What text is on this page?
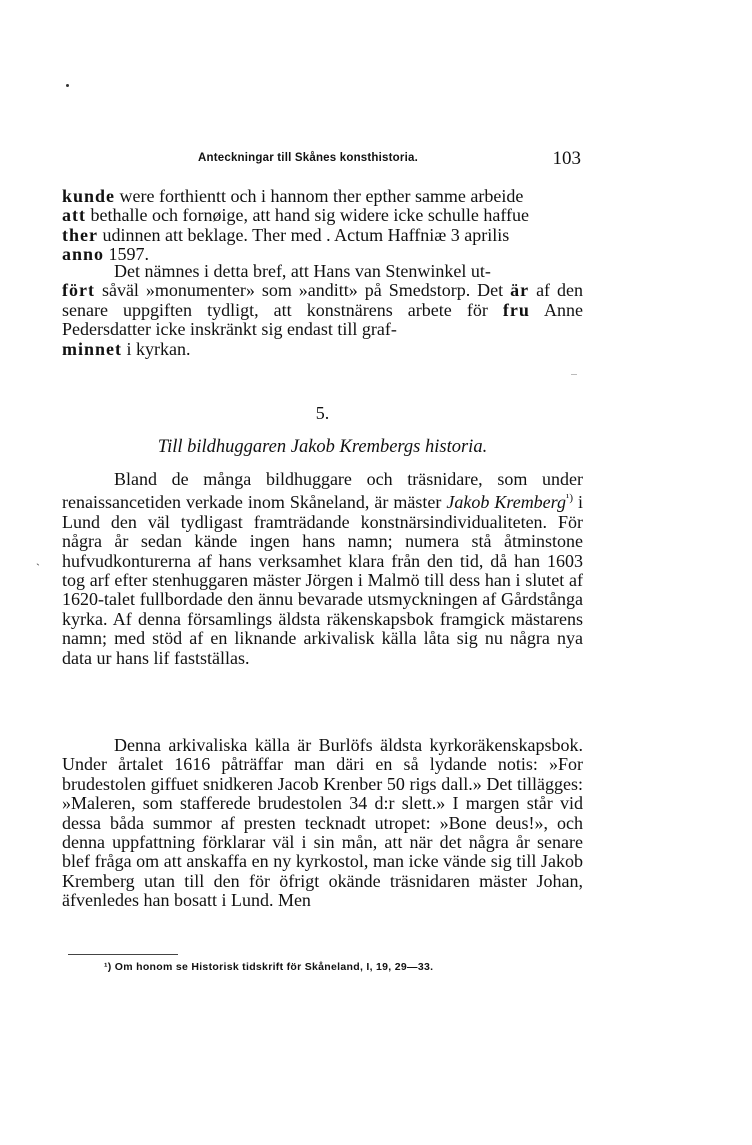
Anteckningar till Skånes konsthistoria.	103

kunde were forthientt och i hannom ther epther samme arbeide

att bethalle och fornøige, att hand sig widere icke schulle haffue

ther udinnen att beklage. Ther med . Actum Haffniæ 3 aprilis

anno 1597.

Det nämnes i detta bref, att Hans van Stenwinkel ut-
fört såväl »monumenter» som »anditt» på Smedstorp. Det är af den senare uppgiften tydligt, att konstnärens arbete för fru Anne Pedersdatter icke inskränkt sig endast till graf-
minnet i kyrkan.

5.
Till bildhuggaren Jakob Krembergs historia.
ˎ

Bland de många bildhuggare och träsnidare, som under renaissancetiden verkade inom Skåneland, är mäster Jakob Kremberg$^{^1)}$ i Lund den väl tydligast framträdande konstnärsindividualiteten. För några år sedan kände ingen hans namn; numera stå åtminstone hufvudkonturerna af hans verksamhet klara från den tid, då han 1603 tog arf efter stenhuggaren mäster Jörgen i Malmö till dess han i slutet af 1620-talet fullbordade den ännu bevarade utsmyckningen af Gårdstånga kyrka. Af denna församlings äldsta räkenskapsbok framgick mästarens namn; med stöd af en liknande arkivalisk källa låta sig nu några nya data ur hans lif fastställas.

Denna arkivaliska källa är Burlöfs äldsta kyrkoräkenskapsbok. Under årtalet 1616 påträffar man däri en så lydande notis: »For brudestolen giffuet snidkeren Jacob Krenber 50 rigs dall.» Det tillägges: »Maleren, som stafferede brudestolen 34 d:r slett.» I margen står vid dessa båda summor af presten tecknadt utropet: »Bone deus!», och denna uppfattning förklarar väl i sin mån, att när det några år senare blef fråga om att anskaffa en ny kyrkostol, man icke vände sig till Jakob Kremberg utan till den för öfrigt okände träsnidaren mäster Johan, äfvenledes han bosatt i Lund. Men

¹) Om honom se Historisk tidskrift för Skåneland, I, 19, 29—33.
